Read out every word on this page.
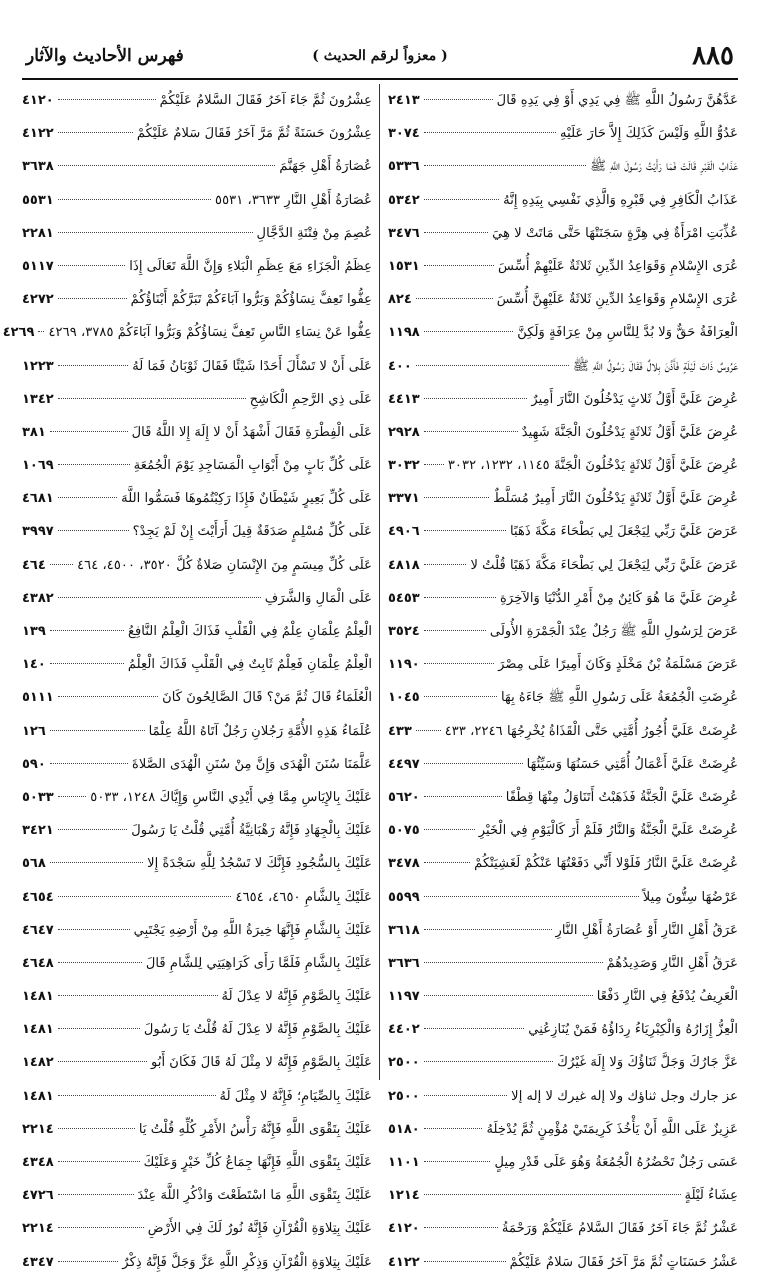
٨٨٥
( معزواً لرقم الحديث )
فهرس الأحاديث والآثار
عَدَّهُنَّ رَسُولُ اللَّهِ ﷺ فِي يَدِي أَوْ فِي يَدِهِ قَالَ
٢٤١٣
عَدُوُّ اللَّهِ وَلَيْسَ كَذَلِكَ إِلاَّ حَارَ عَلَيْهِ
٣٠٧٤
عَذَابُ الْقَبْرِ قَالَتْ فَمَا رَأَيْتُ رَسُولَ اللَّهِ ﷺ
٥٣٣٦
عَذَابُ الْكَافِرِ فِي قَبْرِهِ وَالَّذِي نَفْسِي بِيَدِهِ إِنَّهُ
٥٣٤٢
عُذِّبَتِ امْرَأَةٌ فِي هِرَّةٍ سَجَنَتْهَا حَتَّى مَاتَتْ لا هِيَ
٣٤٧٦
عُرَى الإِسْلامِ وَقَوَاعِدُ الدِّينِ ثَلاثَةٌ عَلَيْهِمْ أُسِّسَ
١٥٣١
عُرَى الإِسْلامِ وَقَوَاعِدُ الدِّينِ ثَلاثَةٌ عَلَيْهِنَّ أُسِّسَ
٨٢٤
الْعِرَافَةُ حَقٌّ وَلا بُدَّ لِلنَّاسِ مِنْ عِرَافَةٍ وَلَكِنَّ
١١٩٨
عَرُوسٌ ذَاتَ لَيْلَةٍ فَأَذَّنَ بِلالٌ فَقَالَ رَسُولُ اللَّهِ ﷺ
٤٠٠
عُرِضَ عَلَيَّ أَوَّلُ ثَلاثٍ يَدْخُلُونَ النَّارَ أَمِيرٌ
٤٤١٣
عُرِضَ عَلَيَّ أَوَّلُ ثَلاثَةٍ يَدْخُلُونَ الْجَنَّةَ شَهِيدٌ
٢٩٢٨
عُرِضَ عَلَيَّ أَوَّلُ ثَلاثَةٍ يَدْخُلُونَ الْجَنَّةَ ١١٤٥، ١٢٣٢، ٣٠٣٢
٣٠٣٢
عُرِضَ عَلَيَّ أَوَّلُ ثَلاثَةٍ يَدْخُلُونَ النَّارَ أَمِيرٌ مُسَلَّطٌ
٣٣٧١
عَرَضَ عَلَيَّ رَبِّي لِيَجْعَلَ لِي بَطْحَاءَ مَكَّةَ ذَهَبًا
٤٩٠٦
عَرَضَ عَلَيَّ رَبِّي لِيَجْعَلَ لِي بَطْحَاءَ مَكَّةَ ذَهَبًا قُلْتُ لا
٤٨١٨
عُرِضَ عَلَيَّ مَا هُوَ كَائِنٌ مِنْ أَمْرِ الدُّنْيَا وَالآخِرَةِ
٥٤٥٣
عَرَضَ لِرَسُولِ اللَّهِ ﷺ رَجُلٌ عِنْدَ الْجَمْرَةِ الأُولَى
٣٥٢٤
عَرَضَ مَسْلَمَةُ بْنُ مَخْلَدٍ وَكَانَ أَمِيرًا عَلَى مِصْرَ
١١٩٠
عُرِضَتِ الْجُمُعَةُ عَلَى رَسُولِ اللَّهِ ﷺ جَاءَهُ بِهَا
١٠٤٥
عُرِضَتْ عَلَيَّ أُجُورُ أُمَّتِي حَتَّى الْقَذَاةُ يُخْرِجُهَا ٢٢٤٦، ٤٣٣
٤٣٣
عُرِضَتْ عَلَيَّ أَعْمَالُ أُمَّتِي حَسَنُهَا وَسَيِّئُهَا
٤٤٩٧
عُرِضَتْ عَلَيَّ الْجَنَّةُ فَذَهَبْتُ أَتَنَاوَلُ مِنْهَا قِطْفًا
٥٦٢٠
عُرِضَتْ عَلَيَّ الْجَنَّةُ وَالنَّارُ فَلَمْ أَرَ كَالْيَوْمِ فِي الْخَيْرِ
٥٠٧٥
عُرِضَتْ عَلَيَّ النَّارُ فَلَوْلا أَنِّي دَفَعْتُهَا عَنْكُمْ لَغَشِيَتْكُمْ
٣٤٧٨
عَرْضُهَا سِتُّونَ مِيلاً
٥٥٩٩
عَرَقُ أَهْلِ النَّارِ أَوْ عُصَارَةُ أَهْلِ النَّارِ
٣٦١٨
عَرَقُ أَهْلِ النَّارِ وَصَدِيدُهُمْ
٣٦٣٦
الْعَرِيفُ يُدْفَعُ فِي النَّارِ دَفْعًا
١١٩٧
الْعِزُّ إِزَارُهُ وَالْكِبْرِيَاءُ رِدَاؤُهُ فَمَنْ يُنَازِعُنِي
٤٤٠٢
عَزَّ جَارُكَ وَجَلَّ ثَنَاؤُكَ وَلا إِلَهَ غَيْرُكَ
٢٥٠٠
عز جارك وجل ثناؤك ولا إله غيرك لا إله إلا
٢٥٠٠
عَزِيزٌ عَلَى اللَّهِ أَنْ يَأْخُذَ كَرِيمَتَيْ مُؤْمِنٍ ثُمَّ يُدْخِلَهُ
٥١٨٠
عَسَى رَجُلٌ تَحْضُرُهُ الْجُمُعَةُ وَهُوَ عَلَى قَدْرِ مِيلٍ
١١٠١
عِشَاءُ لَيْلَةٍ
١٢١٤
عَشْرٌ ثُمَّ جَاءَ آخَرُ فَقَالَ السَّلامُ عَلَيْكُمْ وَرَحْمَةُ
٤١٢٠
عَشْرُ حَسَنَاتٍ ثُمَّ مَرَّ آخَرُ فَقَالَ سَلامٌ عَلَيْكُمْ
٤١٢٢
عِشْرُونَ ثُمَّ جَاءَ آخَرُ فَقَالَ السَّلامُ عَلَيْكُمْ
٤١٢٠
عِشْرُونَ حَسَنَةً ثُمَّ مَرَّ آخَرُ فَقَالَ سَلامٌ عَلَيْكُمْ
٤١٢٢
عُصَارَةُ أَهْلِ جَهَنَّمَ
٣٦٣٨
عُصَارَةُ أَهْلِ النَّارِ ٣٦٣٣، ٥٥٣١
٥٥٣١
عُصِمَ مِنْ فِتْنَةِ الدَّجَّالِ
٢٢٨١
عِظَمُ الْجَزَاءِ مَعَ عِظَمِ الْبَلاءِ وَإِنَّ اللَّهَ تَعَالَى إِذَا
٥١١٧
عِفُّوا تَعِفَّ نِسَاؤُكُمْ وَبَرُّوا آبَاءَكُمْ تَبَرَّكُمْ أَبْنَاؤُكُمْ
٤٢٧٢
عِفُّوا عَنْ نِسَاءِ النَّاسِ تَعِفَّ نِسَاؤُكُمْ وَبَرُّوا آبَاءَكُمْ ٣٧٨٥، ٤٢٦٩
٤٢٦٩
عَلَى أَنْ لا تَسْأَلَ أَحَدًا شَيْئًا فَقَالَ ثَوْبَانُ فَمَا لَهُ
١٢٢٣
عَلَى ذِي الرَّحِمِ الْكَاشِحِ
١٣٤٢
عَلَى الْفِطْرَةِ فَقَالَ أَشْهَدُ أَنْ لا إِلَهَ إِلا اللَّهُ قَالَ
٣٨١
عَلَى كُلِّ بَابٍ مِنْ أَبْوَابِ الْمَسَاجِدِ يَوْمَ الْجُمُعَةِ
١٠٦٩
عَلَى كُلِّ بَعِيرٍ شَيْطَانٌ فَإِذَا رَكِبْتُمُوهَا فَسَمُّوا اللَّهَ
٤٦٨١
عَلَى كُلِّ مُسْلِمٍ صَدَقَةٌ قِيلَ أَرَأَيْتَ إِنْ لَمْ يَجِدْ؟
٣٩٩٧
عَلَى كُلِّ مِيسَمٍ مِنَ الإِنْسَانِ صَلاةٌ كُلَّ ٣٥٢٠، ٤٥٠٠، ٤٦٤
٤٦٤
عَلَى الْمَالِ وَالشَّرَفِ
٤٣٨٢
الْعِلْمُ عِلْمَانِ عِلْمٌ فِي الْقَلْبِ فَذَاكَ الْعِلْمُ النَّافِعُ
١٣٩
الْعِلْمُ عِلْمَانِ فَعِلْمٌ ثَابِتٌ فِي الْقَلْبِ فَذَاكَ الْعِلْمُ
١٤٠
الْعُلَمَاءُ قَالَ ثُمَّ مَنْ؟ قَالَ الصَّالِحُونَ كَانَ
٥١١١
عُلَمَاءُ هَذِهِ الأُمَّةِ رَجُلانِ رَجُلٌ آتَاهُ اللَّهُ عِلْمًا
١٢٦
عَلَّمَنَا سُنَنَ الْهُدَى وَإِنَّ مِنْ سُنَنِ الْهُدَى الصَّلاةَ
٥٩٠
عَلَيْكَ بِالإِيَاسِ مِمَّا فِي أَيْدِي النَّاسِ وَإِيَّاكَ ١٢٤٨، ٥٠٣٣
٥٠٣٣
عَلَيْكَ بِالْجِهَادِ فَإِنَّهُ رَهْبَانِيَّةُ أُمَّتِي قُلْتُ يَا رَسُولَ
٣٤٢١
عَلَيْكَ بِالسُّجُودِ فَإِنَّكَ لا تَسْجُدُ لِلَّهِ سَجْدَةً إِلا
٥٦٨
عَلَيْكَ بِالشَّامِ ٤٦٥٠، ٤٦٥٤
٤٦٥٤
عَلَيْكَ بِالشَّامِ فَإِنَّهَا خِيرَةُ اللَّهِ مِنْ أَرْضِهِ يَجْتَبِي
٤٦٤٧
عَلَيْكَ بِالشَّامِ فَلَمَّا رَأَى كَرَاهِيَتِي لِلشَّامِ قَالَ
٤٦٤٨
عَلَيْكَ بِالصَّوْمِ فَإِنَّهُ لا عِدْلَ لَهُ
١٤٨١
عَلَيْكَ بِالصَّوْمِ فَإِنَّهُ لا عِدْلَ لَهُ قُلْتُ يَا رَسُولَ
١٤٨١
عَلَيْكَ بِالصَّوْمِ فَإِنَّهُ لا مِثْلَ لَهُ قَالَ فَكَانَ أَبُو
١٤٨٢
عَلَيْكَ بِالصِّيَامِ؛ فَإِنَّهُ لا مِثْلَ لَهُ
١٤٨١
عَلَيْكَ بِتَقْوَى اللَّهِ فَإِنَّهُ رَأْسُ الأَمْرِ كُلِّهِ قُلْتُ يَا
٢٢١٤
عَلَيْكَ بِتَقْوَى اللَّهِ فَإِنَّهَا جِمَاعُ كُلِّ خَيْرٍ وَعَلَيْكَ
٤٣٤٨
عَلَيْكَ بِتَقْوَى اللَّهِ مَا اسْتَطَعْتَ وَاذْكُرِ اللَّهَ عِنْدَ
٤٧٢٦
عَلَيْكَ بِتِلاوَةِ الْقُرْآنِ فَإِنَّهُ نُورٌ لَكَ فِي الأَرْضِ
٢٢١٤
عَلَيْكَ بِتِلاوَةِ الْقُرْآنِ وَذِكْرِ اللَّهِ عَزَّ وَجَلَّ فَإِنَّهُ ذِكْرٌ
٤٣٤٧
